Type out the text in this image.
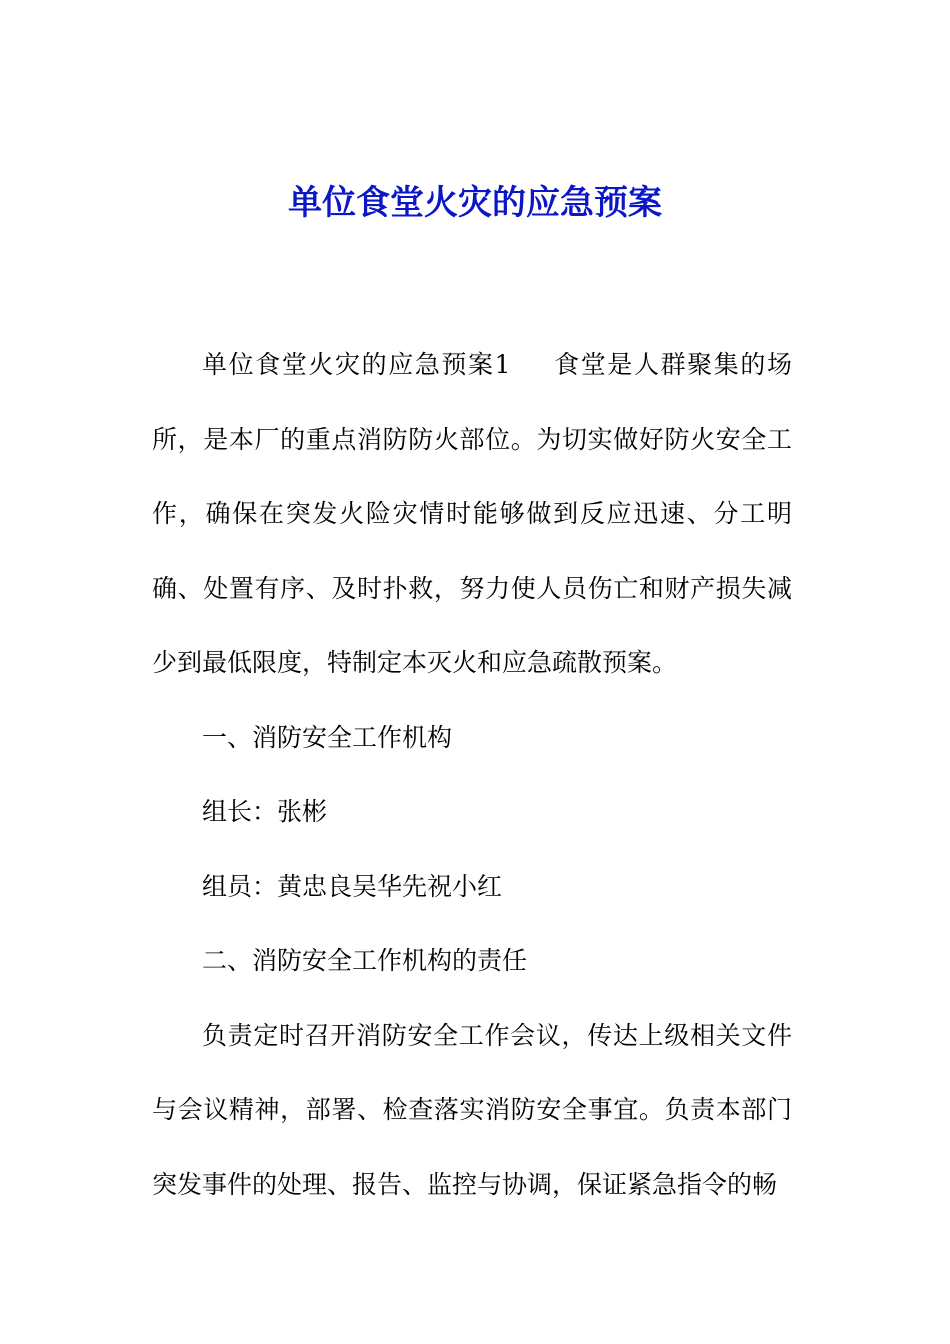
单位食堂火灾的应急预案

单位食堂火灾的应急预案1 食堂是人群聚集的场所，是本厂的重点消防防火部位。为切实做好防火安全工作，确保在突发火险灾情时能够做到反应迅速、分工明确、处置有序、及时扑救，努力使人员伤亡和财产损失减少到最低限度，特制定本灭火和应急疏散预案。

一、消防安全工作机构

组长：张彬

组员：黄忠良吴华先祝小红

二、消防安全工作机构的责任

负责定时召开消防安全工作会议，传达上级相关文件与会议精神，部署、检查落实消防安全事宜。负责本部门突发事件的处理、报告、监控与协调，保证紧急指令的畅
